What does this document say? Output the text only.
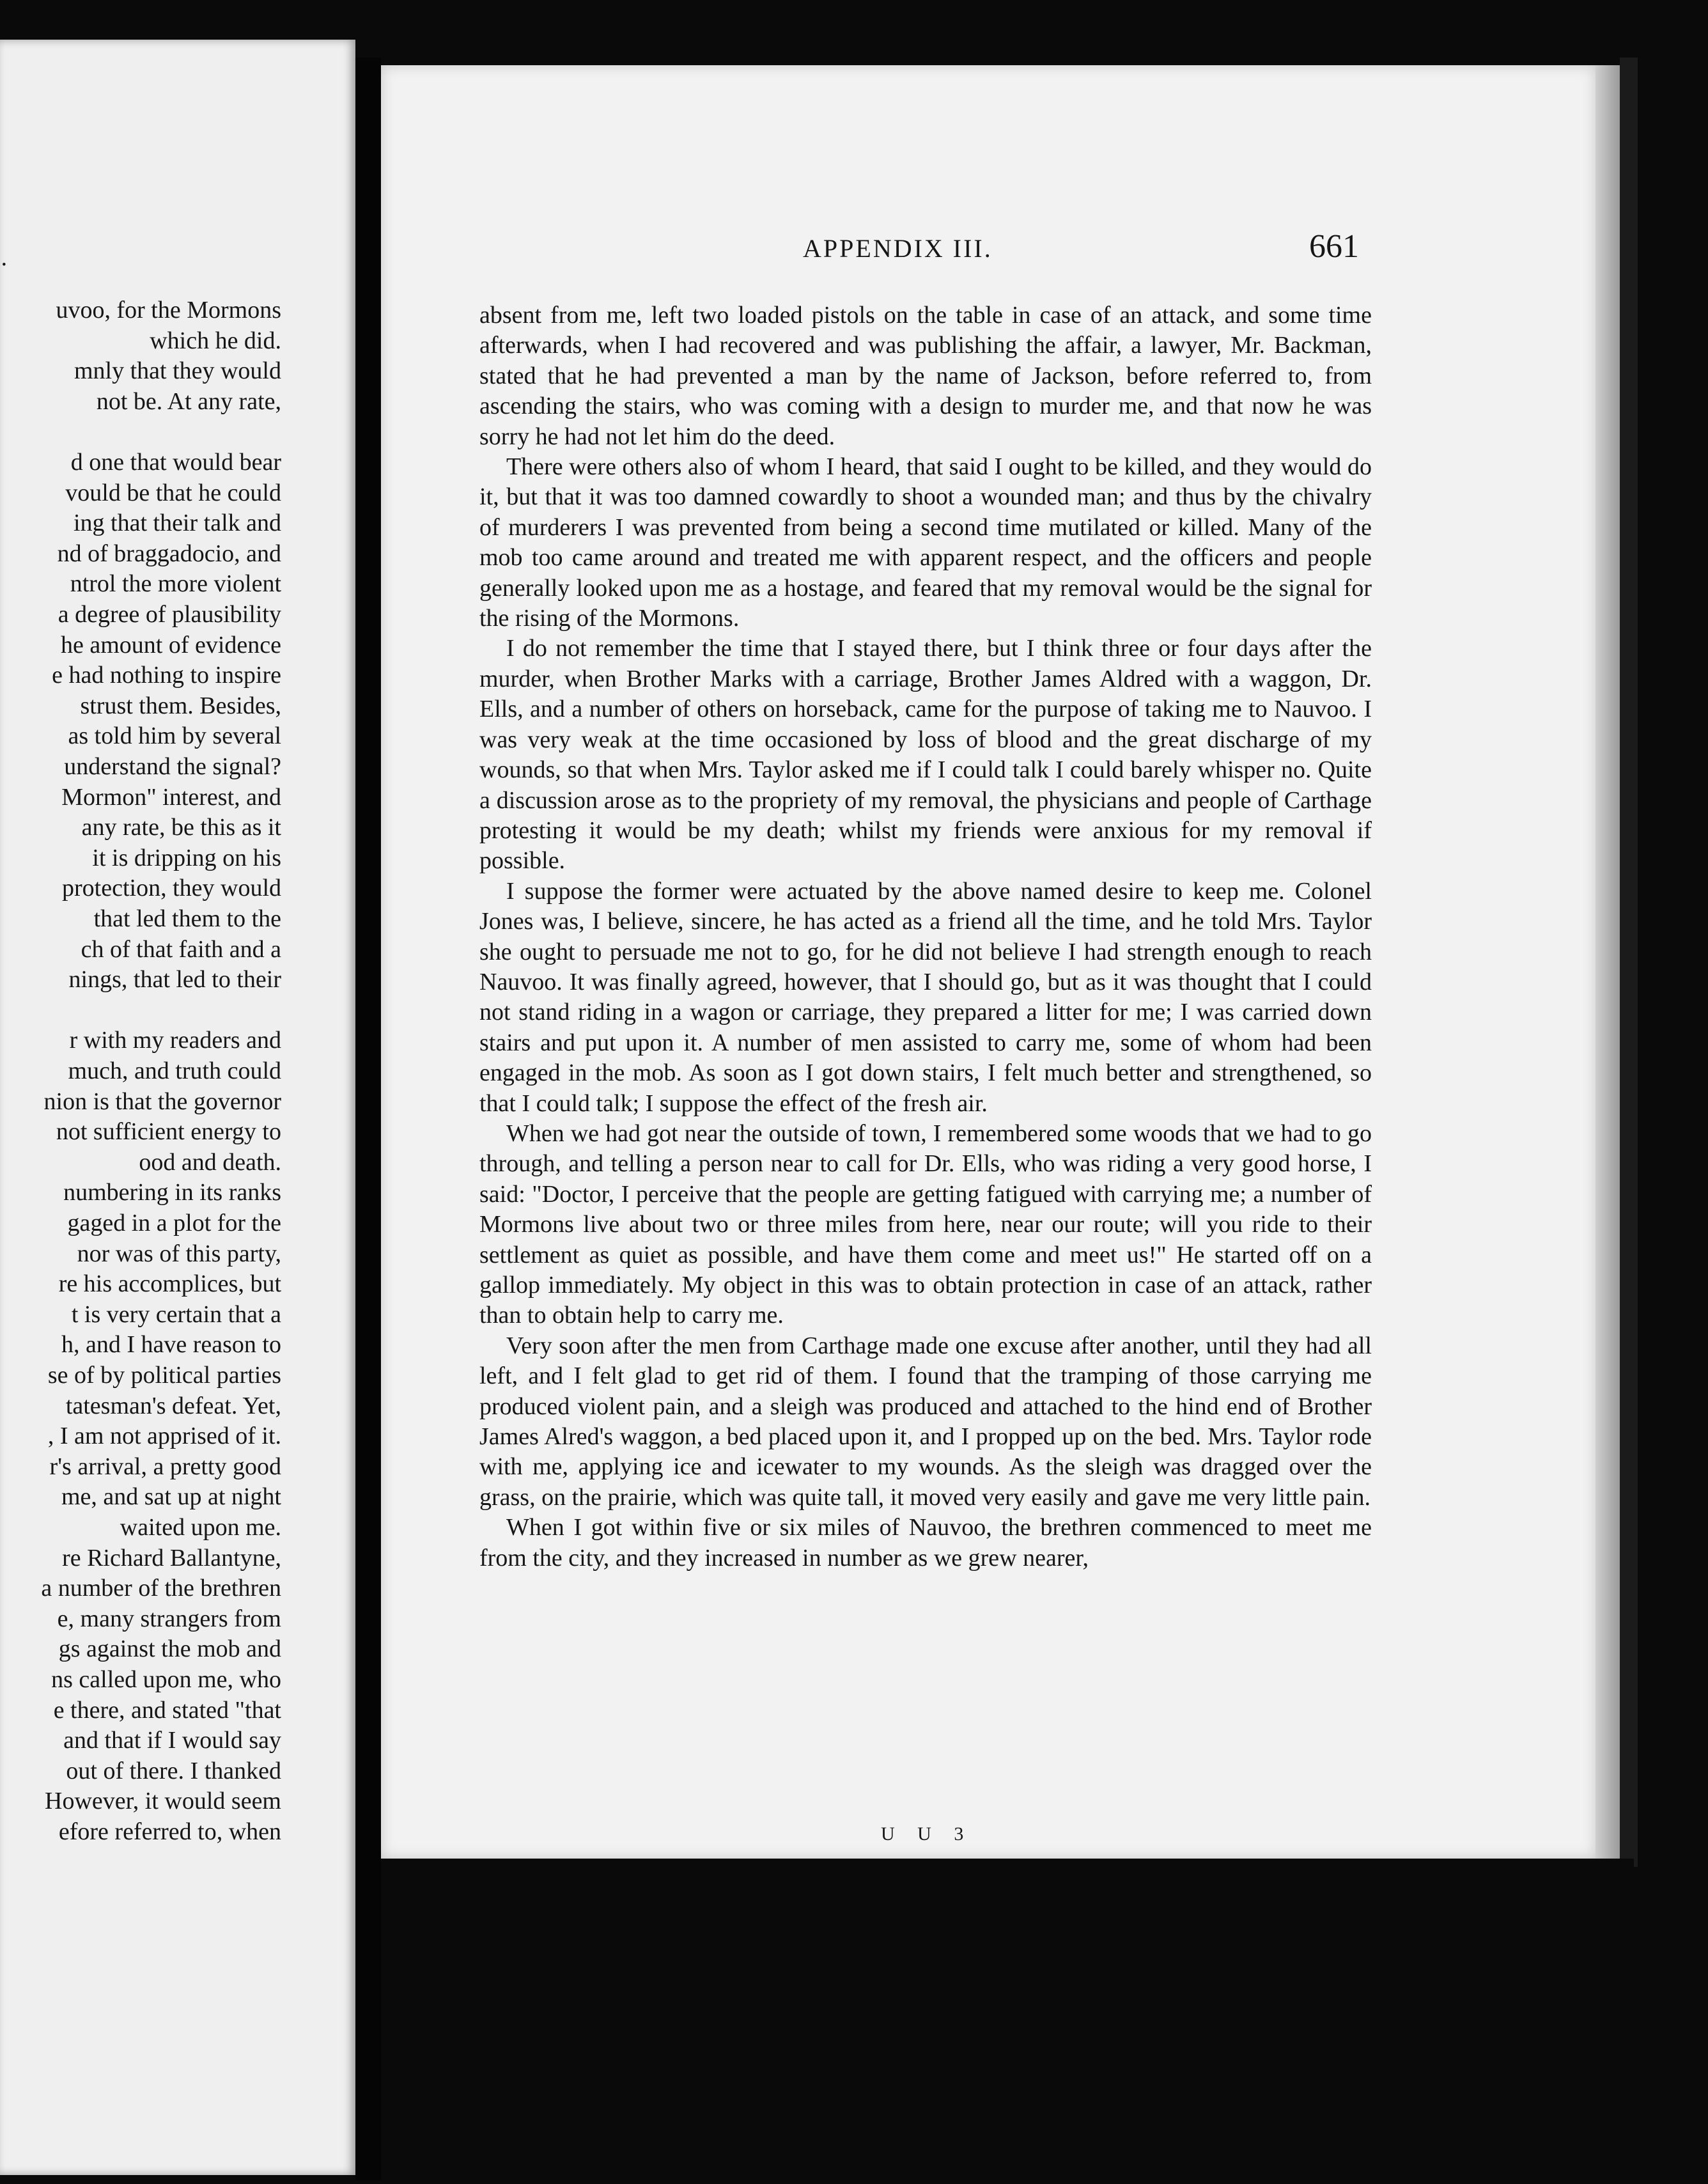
·
uvoo, for the Mormons
which he did.
mnly that they would
not be. At any rate,
d one that would bear
vould be that he could
ing that their talk and
nd of braggadocio, and
ntrol the more violent
a degree of plausibility
he amount of evidence
e had nothing to inspire
strust them. Besides,
as told him by several
understand the signal?
Mormon" interest, and
any rate, be this as it
it is dripping on his
protection, they would
that led them to the
ch of that faith and a
nings, that led to their
r with my readers and
much, and truth could
nion is that the governor
not sufficient energy to
ood and death.
numbering in its ranks
gaged in a plot for the
nor was of this party,
re his accomplices, but
t is very certain that a
h, and I have reason to
se of by political parties
tatesman's defeat. Yet,
, I am not apprised of it.
r's arrival, a pretty good
me, and sat up at night
waited upon me.
re Richard Ballantyne,
a number of the brethren
e, many strangers from
gs against the mob and
ns called upon me, who
e there, and stated "that
and that if I would say
out of there. I thanked
However, it would seem
efore referred to, when
APPENDIX III.	661

absent from me, left two loaded pistols on the table in case of an attack, and some time afterwards, when I had recovered and was publishing the affair, a lawyer, Mr. Backman, stated that he had prevented a man by the name of Jackson, before referred to, from ascending the stairs, who was coming with a design to murder me, and that now he was sorry he had not let him do the deed.

There were others also of whom I heard, that said I ought to be killed, and they would do it, but that it was too damned cowardly to shoot a wounded man; and thus by the chivalry of murderers I was prevented from being a second time mutilated or killed. Many of the mob too came around and treated me with apparent respect, and the officers and people generally looked upon me as a hostage, and feared that my removal would be the signal for the rising of the Mormons.

I do not remember the time that I stayed there, but I think three or four days after the murder, when Brother Marks with a carriage, Brother James Aldred with a waggon, Dr. Ells, and a number of others on horseback, came for the purpose of taking me to Nauvoo. I was very weak at the time occasioned by loss of blood and the great discharge of my wounds, so that when Mrs. Taylor asked me if I could talk I could barely whisper no. Quite a discussion arose as to the propriety of my removal, the physicians and people of Carthage protesting it would be my death; whilst my friends were anxious for my removal if possible.

I suppose the former were actuated by the above named desire to keep me. Colonel Jones was, I believe, sincere, he has acted as a friend all the time, and he told Mrs. Taylor she ought to persuade me not to go, for he did not believe I had strength enough to reach Nauvoo. It was finally agreed, however, that I should go, but as it was thought that I could not stand riding in a wagon or carriage, they prepared a litter for me; I was carried down stairs and put upon it. A number of men assisted to carry me, some of whom had been engaged in the mob. As soon as I got down stairs, I felt much better and strengthened, so that I could talk; I suppose the effect of the fresh air.

When we had got near the outside of town, I remembered some woods that we had to go through, and telling a person near to call for Dr. Ells, who was riding a very good horse, I said: "Doctor, I perceive that the people are getting fatigued with carrying me; a number of Mormons live about two or three miles from here, near our route; will you ride to their settlement as quiet as possible, and have them come and meet us!" He started off on a gallop immediately. My object in this was to obtain protection in case of an attack, rather than to obtain help to carry me.

Very soon after the men from Carthage made one excuse after another, until they had all left, and I felt glad to get rid of them. I found that the tramping of those carrying me produced violent pain, and a sleigh was produced and attached to the hind end of Brother James Alred's waggon, a bed placed upon it, and I propped up on the bed. Mrs. Taylor rode with me, applying ice and icewater to my wounds. As the sleigh was dragged over the grass, on the prairie, which was quite tall, it moved very easily and gave me very little pain.

When I got within five or six miles of Nauvoo, the brethren commenced to meet me from the city, and they increased in number as we grew nearer,

U U 3
